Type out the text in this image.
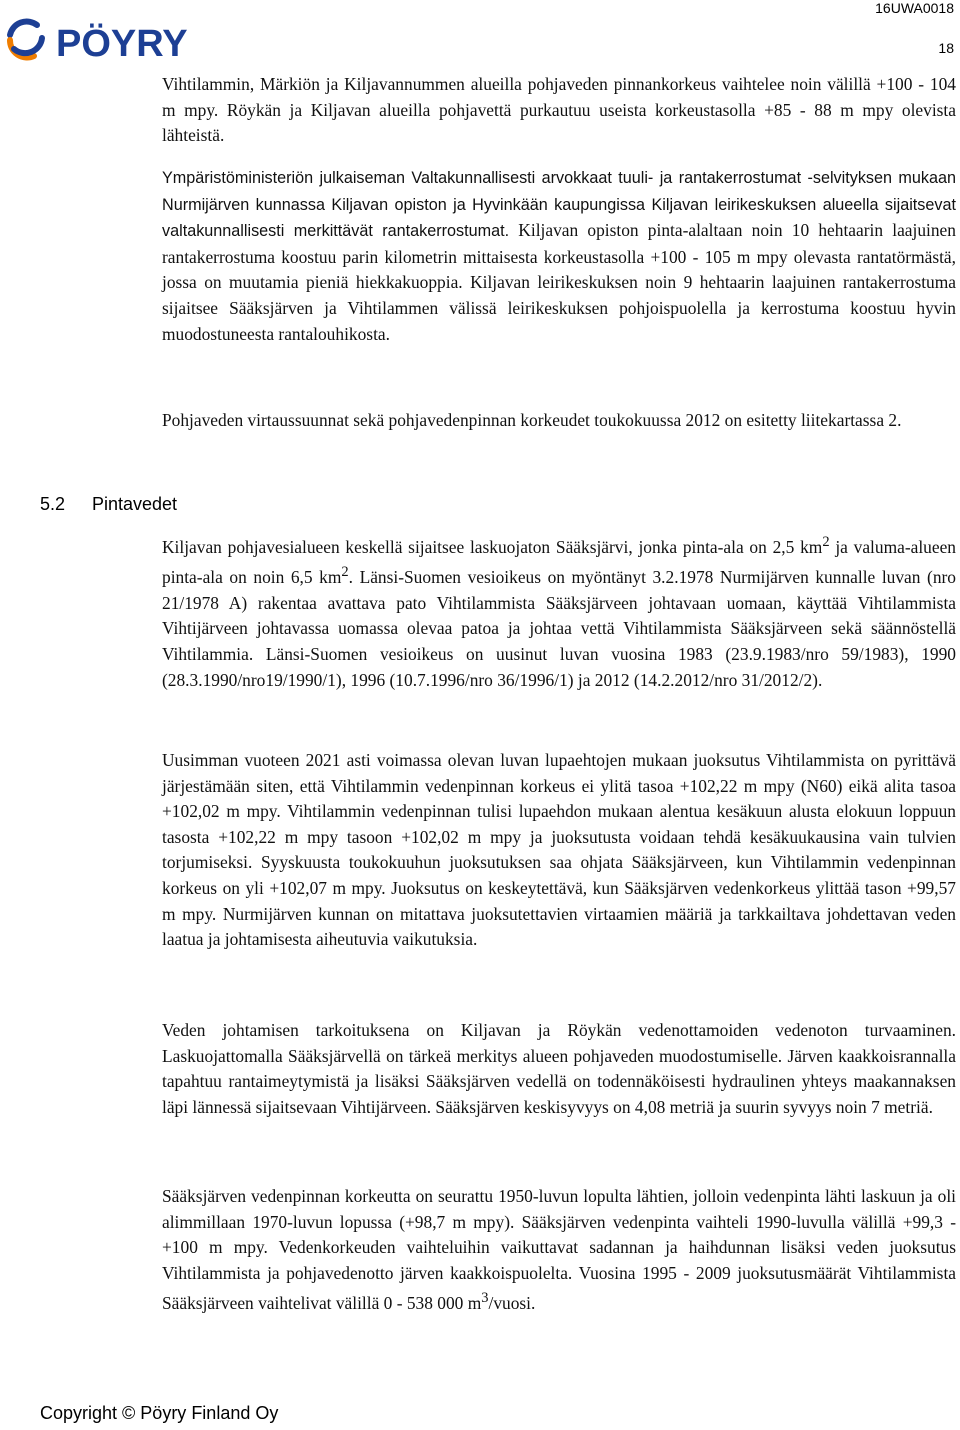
PÖYRY
16UWA0018
18

Vihtilammin, Märkiön ja Kiljavannummen alueilla pohjaveden pinnankorkeus vaihtelee noin välillä +100 - 104 m mpy. Röykän ja Kiljavan alueilla pohjavettä purkautuu useista korkeustasolla +85 - 88 m mpy olevista lähteistä.

Ympäristöministeriön julkaiseman Valtakunnallisesti arvokkaat tuuli- ja rantakerrostumat -selvityksen mukaan Nurmijärven kunnassa Kiljavan opiston ja Hyvinkään kaupungissa Kiljavan leirikeskuksen alueella sijaitsevat valtakunnallisesti merkittävät rantakerrostumat. Kiljavan opiston pinta-alaltaan noin 10 hehtaarin laajuinen rantakerrostuma koostuu parin kilometrin mittaisesta korkeustasolla +100 - 105 m mpy olevasta rantatörmästä, jossa on muutamia pieniä hiekkakuoppia. Kiljavan leirikeskuksen noin 9 hehtaarin laajuinen rantakerrostuma sijaitsee Sääksjärven ja Vihtilammen välissä leirikeskuksen pohjoispuolella ja kerrostuma koostuu hyvin muodostuneesta rantalouhikosta.

Pohjaveden virtaussuunnat sekä pohjavedenpinnan korkeudet toukokuussa 2012 on esitetty liitekartassa 2.

5.2 Pintavedet

Kiljavan pohjavesialueen keskellä sijaitsee laskuojaton Sääksjärvi, jonka pinta-ala on 2,5 $km^2$ ja valuma-alueen pinta-ala on noin 6,5 $km^2$. Länsi-Suomen vesioikeus on myöntänyt 3.2.1978 Nurmijärven kunnalle luvan (nro 21/1978 A) rakentaa avattava pato Vihtilammista Sääksjärveen johtavaan uomaan, käyttää Vihtilammista Vihtijärveen johtavassa uomassa olevaa patoa ja johtaa vettä Vihtilammista Sääksjärveen sekä säännöstellä Vihtilammia. Länsi-Suomen vesioikeus on uusinut luvan vuosina 1983 (23.9.1983/nro 59/1983), 1990 (28.3.1990/nro19/1990/1), 1996 (10.7.1996/nro 36/1996/1) ja 2012 (14.2.2012/nro 31/2012/2).

Uusimman vuoteen 2021 asti voimassa olevan luvan lupaehtojen mukaan juoksutus Vihtilammista on pyrittävä järjestämään siten, että Vihtilammin vedenpinnan korkeus ei ylitä tasoa +102,22 m mpy (N60) eikä alita tasoa +102,02 m mpy. Vihtilammin vedenpinnan tulisi lupaehdon mukaan alentua kesäkuun alusta elokuun loppuun tasosta +102,22 m mpy tasoon +102,02 m mpy ja juoksutusta voidaan tehdä kesäkuukausina vain tulvien torjumiseksi. Syyskuusta toukokuuhun juoksutuksen saa ohjata Sääksjärveen, kun Vihtilammin vedenpinnan korkeus on yli +102,07 m mpy. Juoksutus on keskeytettävä, kun Sääksjärven vedenkorkeus ylittää tason +99,57 m mpy. Nurmijärven kunnan on mitattava juoksutettavien virtaamien määriä ja tarkkailtava johdettavan veden laatua ja johtamisesta aiheutuvia vaikutuksia.

Veden johtamisen tarkoituksena on Kiljavan ja Röykän vedenottamoiden vedenoton turvaaminen. Laskuojattomalla Sääksjärvellä on tärkeä merkitys alueen pohjaveden muodostumiselle. Järven kaakkoisrannalla tapahtuu rantaimeytymistä ja lisäksi Sääksjärven vedellä on todennäköisesti hydraulinen yhteys maakannaksen läpi lännessä sijaitsevaan Vihtijärveen. Sääksjärven keskisyvyys on 4,08 metriä ja suurin syvyys noin 7 metriä.

Sääksjärven vedenpinnan korkeutta on seurattu 1950-luvun lopulta lähtien, jolloin vedenpinta lähti laskuun ja oli alimmillaan 1970-luvun lopussa (+98,7 m mpy). Sääksjärven vedenpinta vaihteli 1990-luvulla välillä +99,3 - +100 m mpy. Vedenkorkeuden vaihteluihin vaikuttavat sadannan ja haihdunnan lisäksi veden juoksutus Vihtilammista ja pohjavedenotto järven kaakkoispuolelta. Vuosina 1995 - 2009 juoksutusmäärät Vihtilammista Sääksjärveen vaihtelivat välillä 0 - 538 000 $m^3$/vuosi.

Copyright © Pöyry Finland Oy
